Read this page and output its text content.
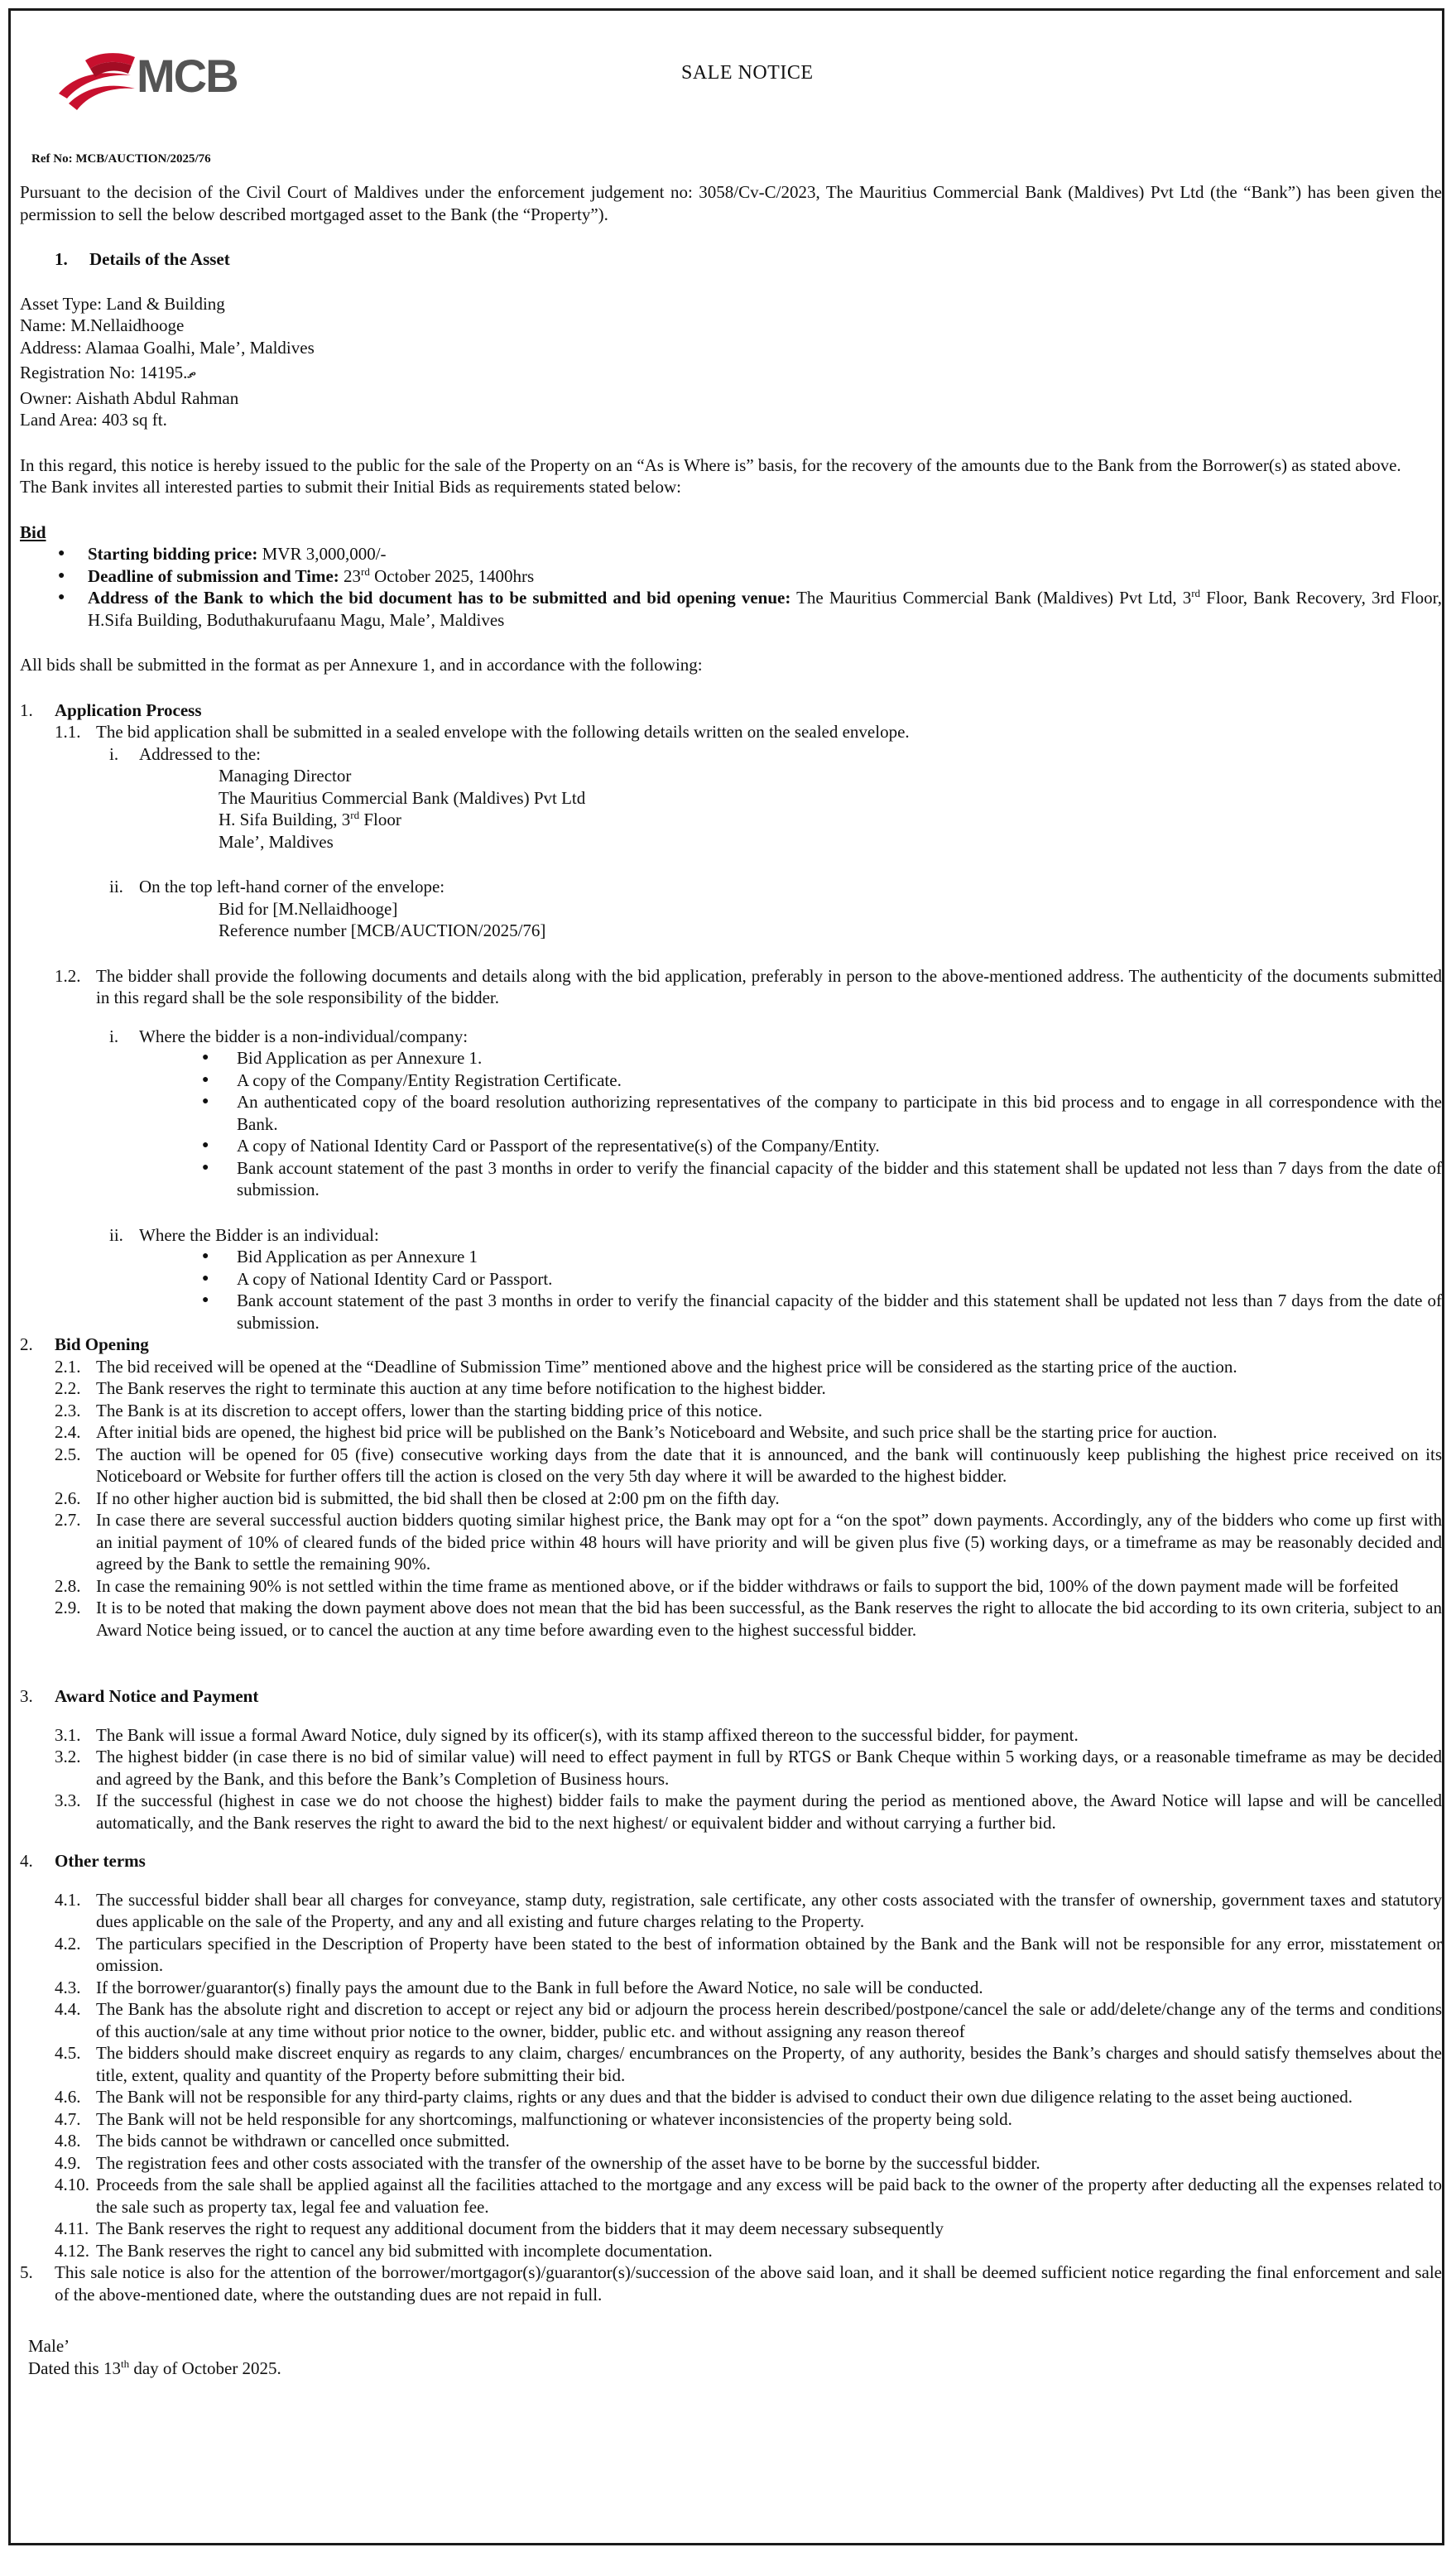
MCB	SALE NOTICE
Ref No: MCB/AUCTION/2025/76

Pursuant to the decision of the Civil Court of Maldives under the enforcement judgement no: 3058/Cv-C/2023, The Mauritius Commercial Bank (Maldives) Pvt Ltd (the “Bank”) has been given the permission to sell the below described mortgaged asset to the Bank (the “Property”).

1. Details of the Asset

Asset Type: Land & Building

Name: M.Nellaidhooge

Address: Alamaa Goalhi, Male’, Maldives

Registration No: 14195.ތ

Owner: Aishath Abdul Rahman

Land Area: 403 sq ft.

In this regard, this notice is hereby issued to the public for the sale of the Property on an “As is Where is” basis, for the recovery of the amounts due to the Bank from the Borrower(s) as stated above.

The Bank invites all interested parties to submit their Initial Bids as requirements stated below:

Bid

● Starting bidding price: MVR 3,000,000/-
● Deadline of submission and Time: 23rd October 2025, 1400hrs
● Address of the Bank to which the bid document has to be submitted and bid opening venue: The Mauritius Commercial Bank (Maldives) Pvt Ltd, 3rd Floor, Bank Recovery, 3rd Floor, H.Sifa Building, Boduthakurufaanu Magu, Male’, Maldives

All bids shall be submitted in the format as per Annexure 1, and in accordance with the following:

1.	Application Process
1.1. The bid application shall be submitted in a sealed envelope with the following details written on the sealed envelope.
i.	Addressed to the:

Managing Director

The Mauritius Commercial Bank (Maldives) Pvt Ltd

H. Sifa Building, 3rd Floor

Male’, Maldives

ii. On the top left-hand corner of the envelope:

Bid for [M.Nellaidhooge]

Reference number [MCB/AUCTION/2025/76]

1.2. The bidder shall provide the following documents and details along with the bid application, preferably in person to the above-mentioned address. The authenticity of the documents submitted in this regard shall be the sole responsibility of the bidder.
i.	Where the bidder is a non-individual/company:
● Bid Application as per Annexure 1.
● A copy of the Company/Entity Registration Certificate.
● An authenticated copy of the board resolution authorizing representatives of the company to participate in this bid process and to engage in all correspondence with the Bank.
● A copy of National Identity Card or Passport of the representative(s) of the Company/Entity.
● Bank account statement of the past 3 months in order to verify the financial capacity of the bidder and this statement shall be updated not less than 7 days from the date of submission.
ii. Where the Bidder is an individual:
● Bid Application as per Annexure 1
● A copy of National Identity Card or Passport.
● Bank account statement of the past 3 months in order to verify the financial capacity of the bidder and this statement shall be updated not less than 7 days from the date of submission.
2.	Bid Opening
2.1. The bid received will be opened at the “Deadline of Submission Time” mentioned above and the highest price will be considered as the starting price of the auction.
2.2. The Bank reserves the right to terminate this auction at any time before notification to the highest bidder.
2.3. The Bank is at its discretion to accept offers, lower than the starting bidding price of this notice.
2.4. After initial bids are opened, the highest bid price will be published on the Bank’s Noticeboard and Website, and such price shall be the starting price for auction.
2.5. The auction will be opened for 05 (five) consecutive working days from the date that it is announced, and the bank will continuously keep publishing the highest price received on its Noticeboard or Website for further offers till the action is closed on the very 5th day where it will be awarded to the highest bidder.
2.6. If no other higher auction bid is submitted, the bid shall then be closed at 2:00 pm on the fifth day.
2.7. In case there are several successful auction bidders quoting similar highest price, the Bank may opt for a “on the spot” down payments. Accordingly, any of the bidders who come up first with an initial payment of 10% of cleared funds of the bided price within 48 hours will have priority and will be given plus five (5) working days, or a timeframe as may be reasonably decided and agreed by the Bank to settle the remaining 90%.
2.8. In case the remaining 90% is not settled within the time frame as mentioned above, or if the bidder withdraws or fails to support the bid, 100% of the down payment made will be forfeited
2.9. It is to be noted that making the down payment above does not mean that the bid has been successful, as the Bank reserves the right to allocate the bid according to its own criteria, subject to an Award Notice being issued, or to cancel the auction at any time before awarding even to the highest successful bidder.
3.	Award Notice and Payment
3.1. The Bank will issue a formal Award Notice, duly signed by its officer(s), with its stamp affixed thereon to the successful bidder, for payment.
3.2. The highest bidder (in case there is no bid of similar value) will need to effect payment in full by RTGS or Bank Cheque within 5 working days, or a reasonable timeframe as may be decided and agreed by the Bank, and this before the Bank’s Completion of Business hours.
3.3. If the successful (highest in case we do not choose the highest) bidder fails to make the payment during the period as mentioned above, the Award Notice will lapse and will be cancelled automatically, and the Bank reserves the right to award the bid to the next highest/ or equivalent bidder and without carrying a further bid.
4.	Other terms
4.1. The successful bidder shall bear all charges for conveyance, stamp duty, registration, sale certificate, any other costs associated with the transfer of ownership, government taxes and statutory dues applicable on the sale of the Property, and any and all existing and future charges relating to the Property.
4.2. The particulars specified in the Description of Property have been stated to the best of information obtained by the Bank and the Bank will not be responsible for any error, misstatement or omission.
4.3. If the borrower/guarantor(s) finally pays the amount due to the Bank in full before the Award Notice, no sale will be conducted.
4.4. The Bank has the absolute right and discretion to accept or reject any bid or adjourn the process herein described/postpone/cancel the sale or add/delete/change any of the terms and conditions of this auction/sale at any time without prior notice to the owner, bidder, public etc. and without assigning any reason thereof
4.5. The bidders should make discreet enquiry as regards to any claim, charges/ encumbrances on the Property, of any authority, besides the Bank’s charges and should satisfy themselves about the title, extent, quality and quantity of the Property before submitting their bid.
4.6. The Bank will not be responsible for any third-party claims, rights or any dues and that the bidder is advised to conduct their own due diligence relating to the asset being auctioned.
4.7. The Bank will not be held responsible for any shortcomings, malfunctioning or whatever inconsistencies of the property being sold.
4.8. The bids cannot be withdrawn or cancelled once submitted.
4.9. The registration fees and other costs associated with the transfer of the ownership of the asset have to be borne by the successful bidder.
4.10. Proceeds from the sale shall be applied against all the facilities attached to the mortgage and any excess will be paid back to the owner of the property after deducting all the expenses related to the sale such as property tax, legal fee and valuation fee.
4.11. The Bank reserves the right to request any additional document from the bidders that it may deem necessary subsequently
4.12. The Bank reserves the right to cancel any bid submitted with incomplete documentation.
5.	This sale notice is also for the attention of the borrower/mortgagor(s)/guarantor(s)/succession of the above said loan, and it shall be deemed sufficient notice regarding the final enforcement and sale of the above-mentioned date, where the outstanding dues are not repaid in full.

Male’

Dated this 13th day of October 2025.
